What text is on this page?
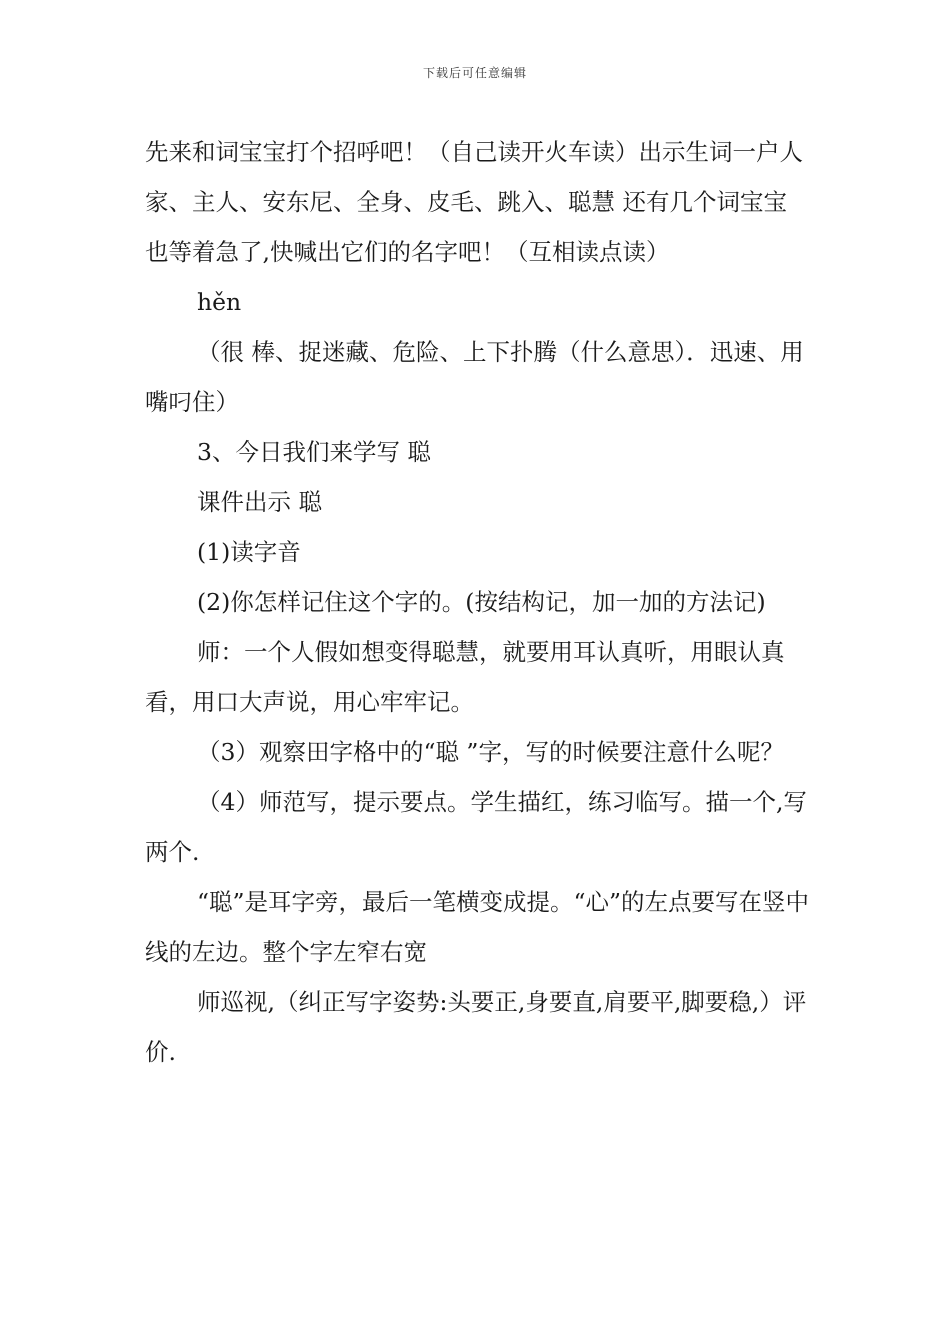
下载后可任意编辑

先来和词宝宝打个招呼吧！（自己读开火车读）出示生词一户人家、主人、安东尼、全身、皮毛、跳入、聪慧 还有几个词宝宝也等着急了,快喊出它们的名字吧！（互相读点读）

hěn

（很 棒、捉迷藏、危险、上下扑腾（什么意思）．迅速、用嘴叼住）

3、今日我们来学写 聪

课件出示 聪

(1)读字音

(2)你怎样记住这个字的。(按结构记，加一加的方法记)

师：一个人假如想变得聪慧，就要用耳认真听，用眼认真看，用口大声说，用心牢牢记。

（3）观察田字格中的“聪 ”字，写的时候要注意什么呢？

（4）师范写，提示要点。学生描红，练习临写。描一个,写两个.

“聪”是耳字旁，最后一笔横变成提。“心”的左点要写在竖中线的左边。整个字左窄右宽

师巡视,（纠正写字姿势:头要正,身要直,肩要平,脚要稳,）评价.
